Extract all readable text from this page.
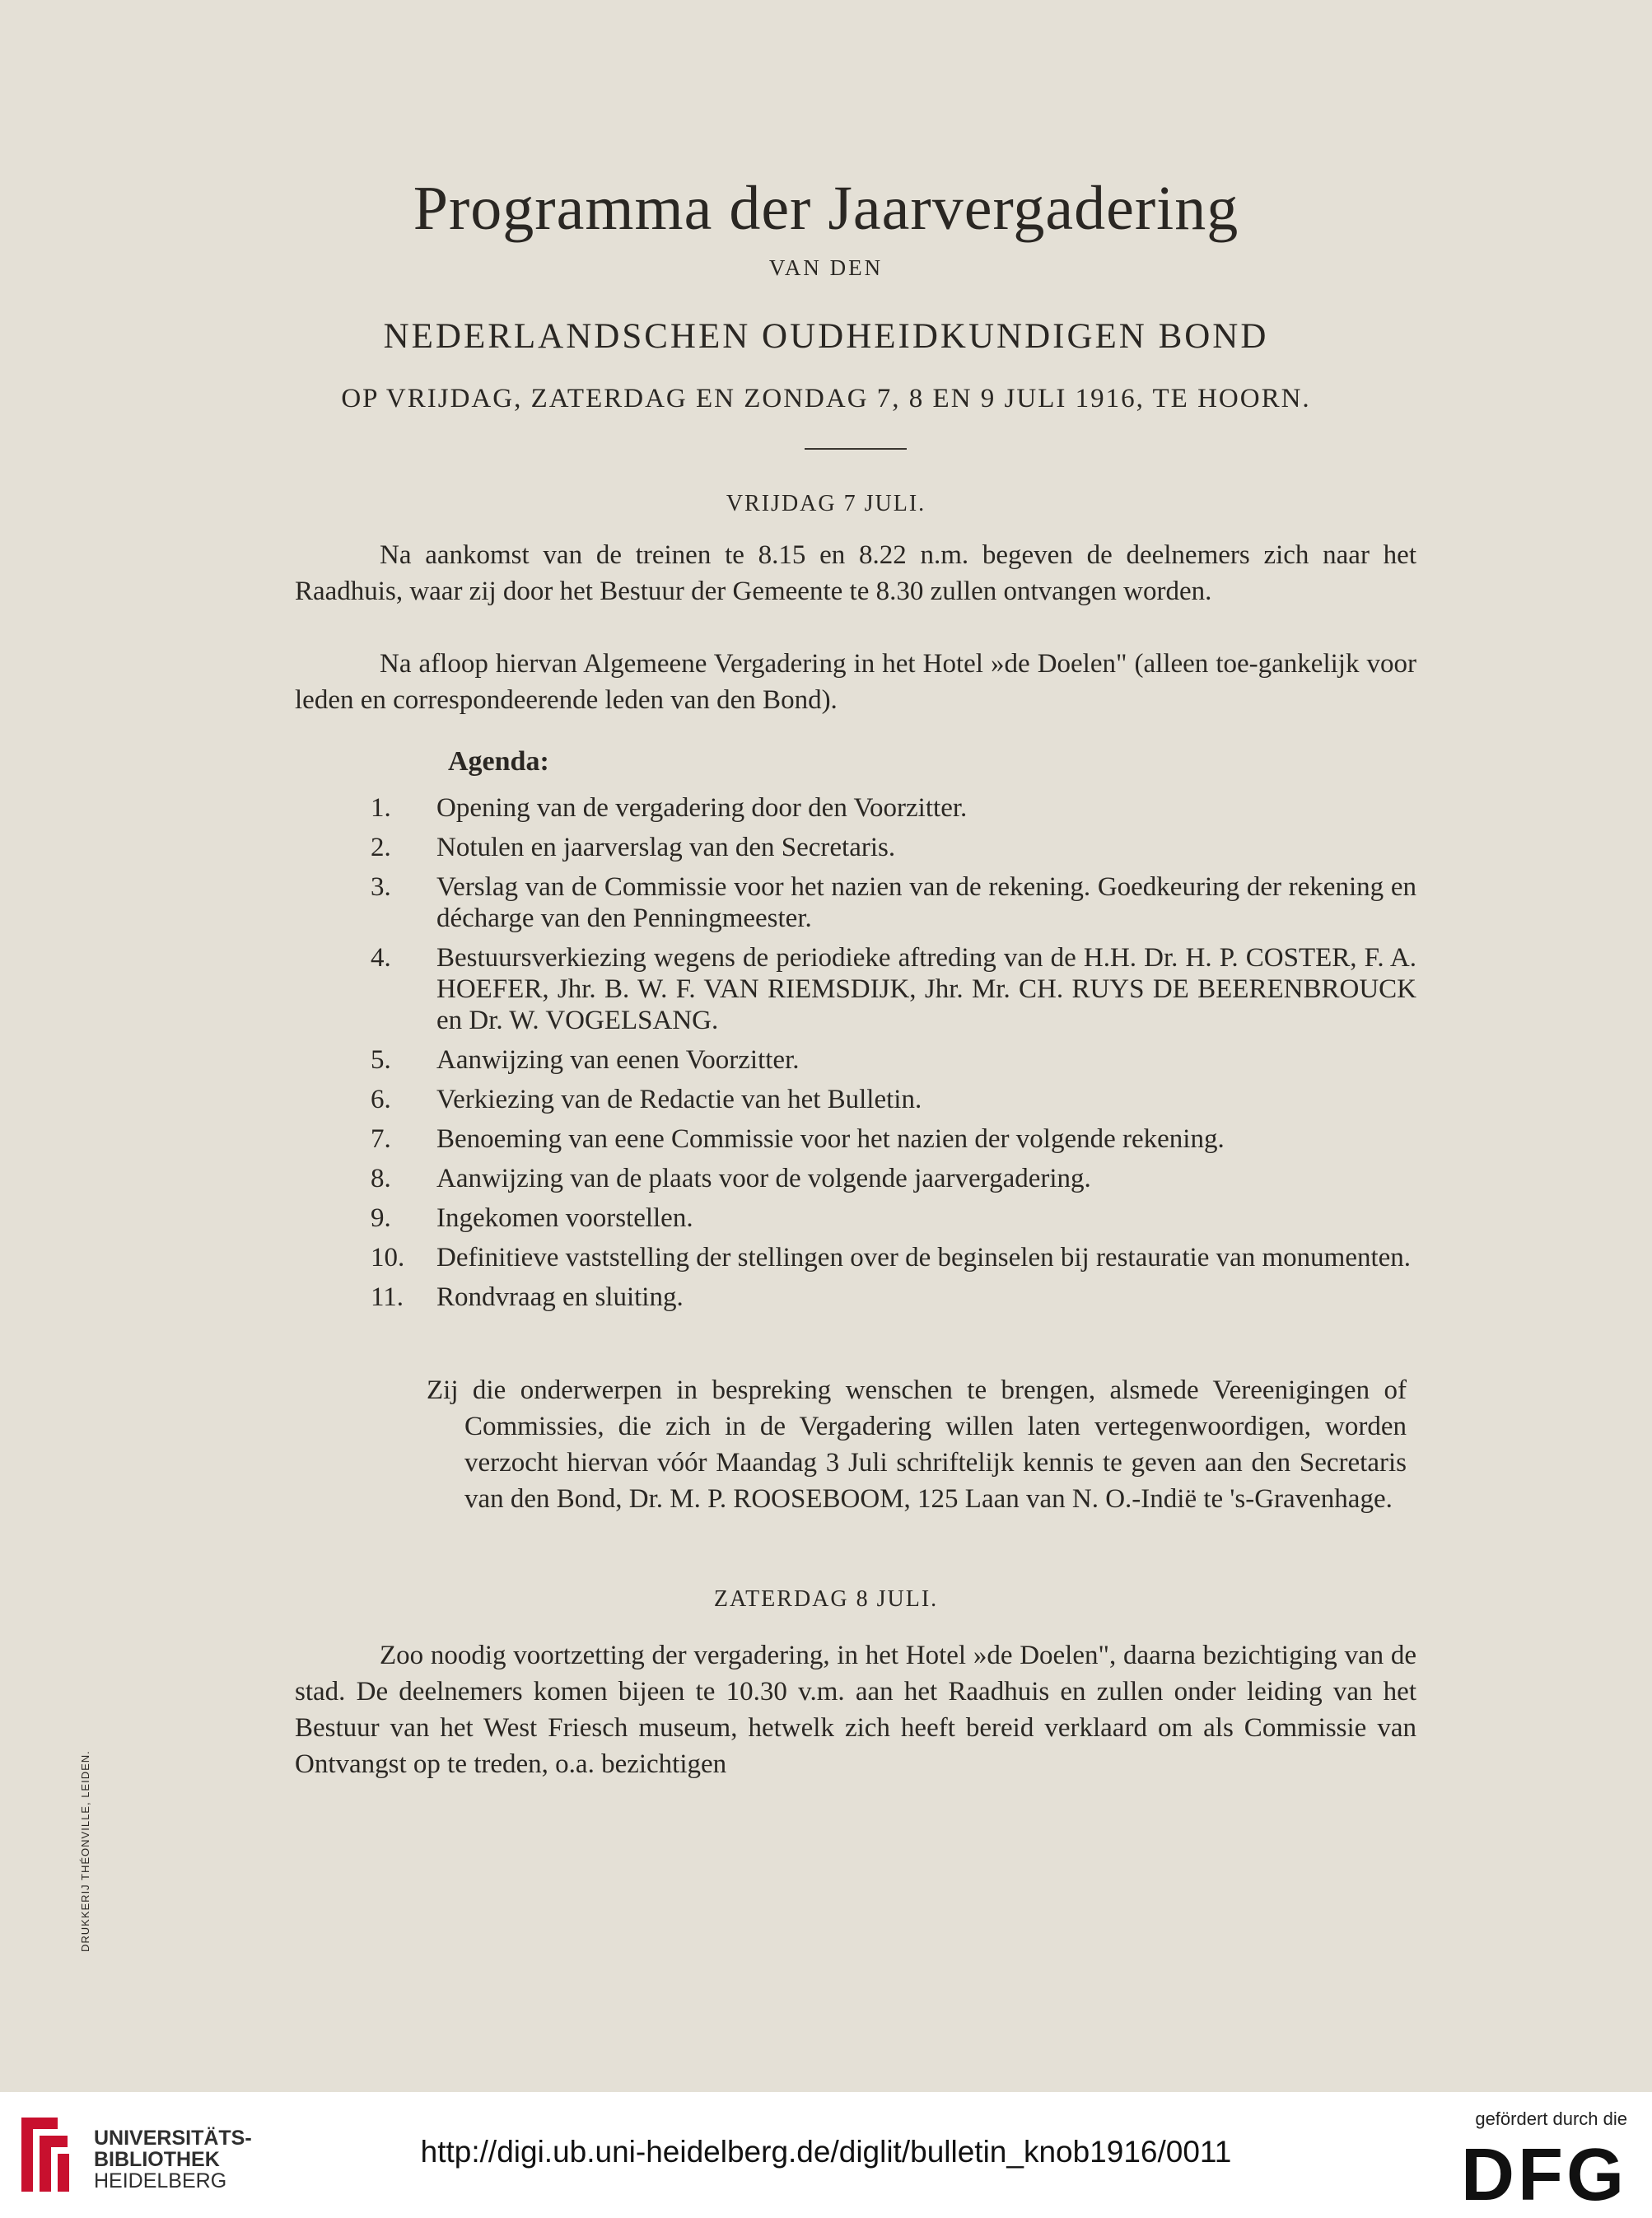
Programma der Jaarvergadering
VAN DEN
NEDERLANDSCHEN OUDHEIDKUNDIGEN BOND
OP VRIJDAG, ZATERDAG EN ZONDAG 7, 8 EN 9 JULI 1916, TE HOORN.
VRIJDAG 7 JULI.
Na aankomst van de treinen te 8.15 en 8.22 n.m. begeven de deelnemers zich naar het Raadhuis, waar zij door het Bestuur der Gemeente te 8.30 zullen ontvangen worden.
Na afloop hiervan Algemeene Vergadering in het Hotel »de Doelen" (alleen toe-gankelijk voor leden en correspondeerende leden van den Bond).
Agenda:
1.	Opening van de vergadering door den Voorzitter.
2.	Notulen en jaarverslag van den Secretaris.
3.	Verslag van de Commissie voor het nazien van de rekening. Goedkeuring der rekening en décharge van den Penningmeester.
4.	Bestuursverkiezing wegens de periodieke aftreding van de H.H. Dr. H. P. COSTER, F. A. HOEFER, Jhr. B. W. F. VAN RIEMSDIJK, Jhr. Mr. CH. RUYS DE BEERENBROUCK en Dr. W. VOGELSANG.
5.	Aanwijzing van eenen Voorzitter.
6.	Verkiezing van de Redactie van het Bulletin.
7.	Benoeming van eene Commissie voor het nazien der volgende rekening.
8.	Aanwijzing van de plaats voor de volgende jaarvergadering.
9.	Ingekomen voorstellen.
10.	Definitieve vaststelling der stellingen over de beginselen bij restauratie van monumenten.
11.	Rondvraag en sluiting.
Zij die onderwerpen in bespreking wenschen te brengen, alsmede Vereenigingen of Commissies, die zich in de Vergadering willen laten vertegenwoordigen, worden verzocht hiervan vóór Maandag 3 Juli schriftelijk kennis te geven aan den Secretaris van den Bond, Dr. M. P. ROOSEBOOM, 125 Laan van N. O.-Indië te 's-Gravenhage.
ZATERDAG 8 JULI.
Zoo noodig voortzetting der vergadering, in het Hotel »de Doelen", daarna bezichtiging van de stad. De deelnemers komen bijeen te 10.30 v.m. aan het Raadhuis en zullen onder leiding van het Bestuur van het West Friesch museum, hetwelk zich heeft bereid verklaard om als Commissie van Ontvangst op te treden, o.a. bezichtigen
DRUKKERIJ THÉONVILLE, LEIDEN.
UNIVERSITÄTS-
BIBLIOTHEK
HEIDELBERG
http://digi.ub.uni-heidelberg.de/diglit/bulletin_knob1916/0011
gefördert durch die
DFG
